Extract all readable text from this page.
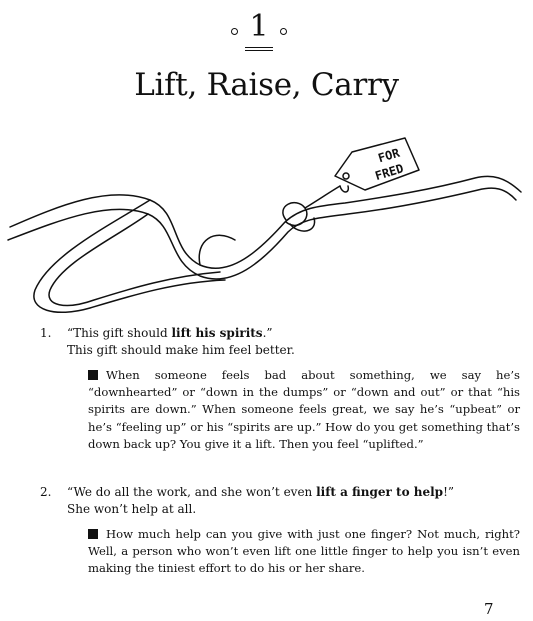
1
Lift, Raise, Carry
FOR
FRED
1. “This gift should lift his spirits.”
This gift should make him feel better.

When someone feels bad about something, we say he’s “downhearted” or “down in the dumps” or “down and out” or that “his spirits are down.” When someone feels great, we say he’s “upbeat” or he’s “feeling up” or his “spirits are up.” How do you get something that’s down back up? You give it a lift. Then you feel “uplifted.”

2. “We do all the work, and she won’t even lift a finger to help!”
She won’t help at all.

How much help can you give with just one finger? Not much, right? Well, a person who won’t even lift one little finger to help you isn’t even making the tiniest effort to do his or her share.

7
